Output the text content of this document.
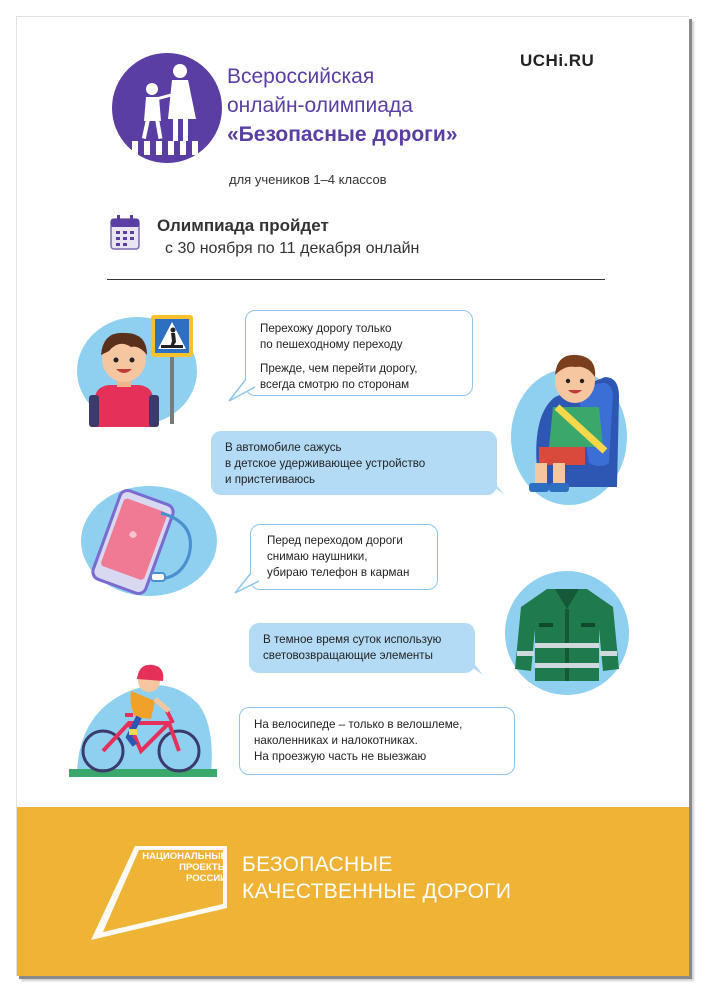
Всероссийская
онлайн-олимпиада
«Безопасные дороги»
UCHi.RU
для учеников 1–4 классов
Олимпиада пройдет
с 30 ноября по 11 декабря онлайн

Перехожу дорогу только

по пешеходному переходу

Прежде, чем перейти дорогу,

всегда смотрю по сторонам

В автомобиле сажусь

в детское удерживающее устройство

и пристегиваюсь

Перед переходом дороги

снимаю наушники,

убираю телефон в карман

В темное время суток использую

световозвращающие элементы

На велосипеде – только в велошлеме,

наколенниках и налокотниках.

На проезжую часть не выезжаю

НАЦИОНАЛЬНЫЕ
ПРОЕКТЫ
РОССИИ
БЕЗОПАСНЫЕ
КАЧЕСТВЕННЫЕ ДОРОГИ
